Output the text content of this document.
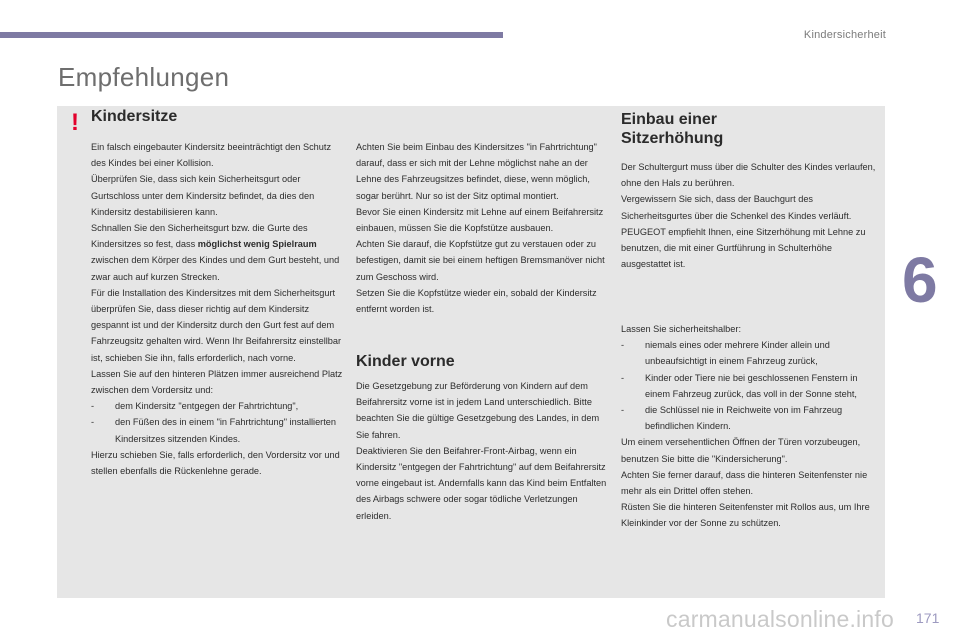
Kindersicherheit
Empfehlungen
! Kindersitze

Ein falsch eingebauter Kindersitz beeinträchtigt den Schutz des Kindes bei einer Kollision.

Überprüfen Sie, dass sich kein Sicherheitsgurt oder Gurtschloss unter dem Kindersitz befindet, da dies den Kindersitz destabilisieren kann.

Schnallen Sie den Sicherheitsgurt bzw. die Gurte des Kindersitzes so fest, dass möglichst wenig Spielraum zwischen dem Körper des Kindes und dem Gurt besteht, und zwar auch auf kurzen Strecken.

Für die Installation des Kindersitzes mit dem Sicherheitsgurt überprüfen Sie, dass dieser richtig auf dem Kindersitz gespannt ist und der Kindersitz durch den Gurt fest auf dem Fahrzeugsitz gehalten wird. Wenn Ihr Beifahrersitz einstellbar ist, schieben Sie ihn, falls erforderlich, nach vorne.

Lassen Sie auf den hinteren Plätzen immer ausreichend Platz zwischen dem Vordersitz und:

- dem Kindersitz "entgegen der Fahrtrichtung",

- den Füßen des in einem "in Fahrtrichtung" installierten Kindersitzes sitzenden Kindes.

Hierzu schieben Sie, falls erforderlich, den Vordersitz vor und stellen ebenfalls die Rückenlehne gerade.

Achten Sie beim Einbau des Kindersitzes "in Fahrtrichtung" darauf, dass er sich mit der Lehne möglichst nahe an der Lehne des Fahrzeugsitzes befindet, diese, wenn möglich, sogar berührt. Nur so ist der Sitz optimal montiert.

Bevor Sie einen Kindersitz mit Lehne auf einem Beifahrersitz einbauen, müssen Sie die Kopfstütze ausbauen.

Achten Sie darauf, die Kopfstütze gut zu verstauen oder zu befestigen, damit sie bei einem heftigen Bremsmanöver nicht zum Geschoss wird.

Setzen Sie die Kopfstütze wieder ein, sobald der Kindersitz entfernt worden ist.

Kinder vorne

Die Gesetzgebung zur Beförderung von Kindern auf dem Beifahrersitz vorne ist in jedem Land unterschiedlich. Bitte beachten Sie die gültige Gesetzgebung des Landes, in dem Sie fahren.

Deaktivieren Sie den Beifahrer-Front-Airbag, wenn ein Kindersitz "entgegen der Fahrtrichtung" auf dem Beifahrersitz vorne eingebaut ist. Andernfalls kann das Kind beim Entfalten des Airbags schwere oder sogar tödliche Verletzungen erleiden.

Einbau einer
Sitzerhöhung

Der Schultergurt muss über die Schulter des Kindes verlaufen, ohne den Hals zu berühren.

Vergewissern Sie sich, dass der Bauchgurt des Sicherheitsgurtes über die Schenkel des Kindes verläuft.

PEUGEOT empfiehlt Ihnen, eine Sitzerhöhung mit Lehne zu benutzen, die mit einer Gurtführung in Schulterhöhe ausgestattet ist.

Lassen Sie sicherheitshalber:

- niemals eines oder mehrere Kinder allein und unbeaufsichtigt in einem Fahrzeug zurück,

- Kinder oder Tiere nie bei geschlossenen Fenstern in einem Fahrzeug zurück, das voll in der Sonne steht,

- die Schlüssel nie in Reichweite von im Fahrzeug befindlichen Kindern.

Um einem versehentlichen Öffnen der Türen vorzubeugen, benutzen Sie bitte die "Kindersicherung".

Achten Sie ferner darauf, dass die hinteren Seitenfenster nie mehr als ein Drittel offen stehen.

Rüsten Sie die hinteren Seitenfenster mit Rollos aus, um Ihre Kleinkinder vor der Sonne zu schützen.

6
carmanualsonline.info 171
